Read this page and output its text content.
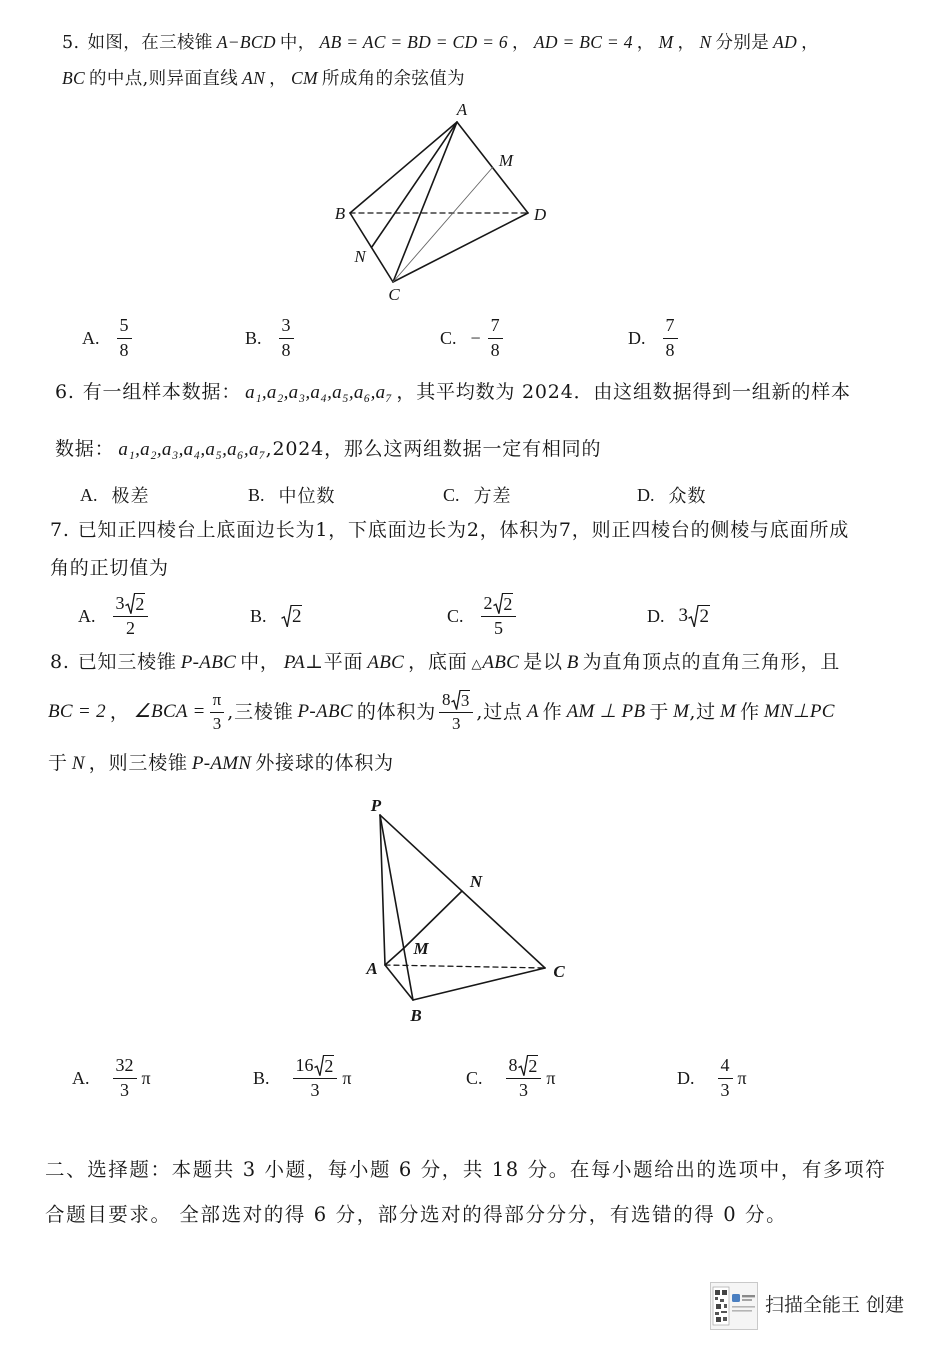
5. 如图，在三棱锥 A−BCD 中， AB = AC = BD = CD = 6 ， AD = BC = 4 ， M ， N 分别是 AD ，
BC 的中点,则异面直线 AN ， CM 所成角的余弦值为
A
B	D
C
N
M
A. $\frac{5}{8}$	B. $\frac{3}{8}$	C. − $\frac{7}{8}$	D. $\frac{7}{8}$
6. 有一组样本数据： a₁,a₂,a₃,a₄,a₅,a₆,a₇ ，其平均数为 2024．由这组数据得到一组新的样本
数据： a₁,a₂,a₃,a₄,a₅,a₆,a₇ ,2024 ，那么这两组数据一定有相同的
A. 极差	B. 中位数	C. 方差	D. 众数
7. 已知正四棱台上底面边长为1，下底面边长为2，体积为7，则正四棱台的侧棱与底面所成
角的正切值为
A. $\frac{3 2}{2}$	B. 2	C. $\frac{2 2}{5}$	D. 3 2
8. 已知三棱锥 P-ABC 中， PA ⊥平面 ABC ，底面 △ ABC 是以 B 为直角顶点的直角三角形，且
BC = 2 ， ∠BCA = $\frac{\pi}{3}$ ,三棱锥 P-ABC 的体积为 $\frac{8 3}{3}$ ,过点 A 作 AM ⊥ PB 于 M ,过 M 作 MN⊥PC
于 N ，则三棱锥 P-AMN 外接球的体积为
P
N
M
A	C
B
A. $\frac{32}{3}$ π	B. $\frac{16 2}{3}$ π	C. $\frac{8 2}{3}$ π	D. $\frac{4}{3}$ π
二、选择题：本题共 3 小题，每小题 6 分，共 18 分。在每小题给出的选项中，有多项符
合题目要求。 全部选对的得 6 分，部分选对的得部分分分，有选错的得 0 分。
扫描全能王 创建
